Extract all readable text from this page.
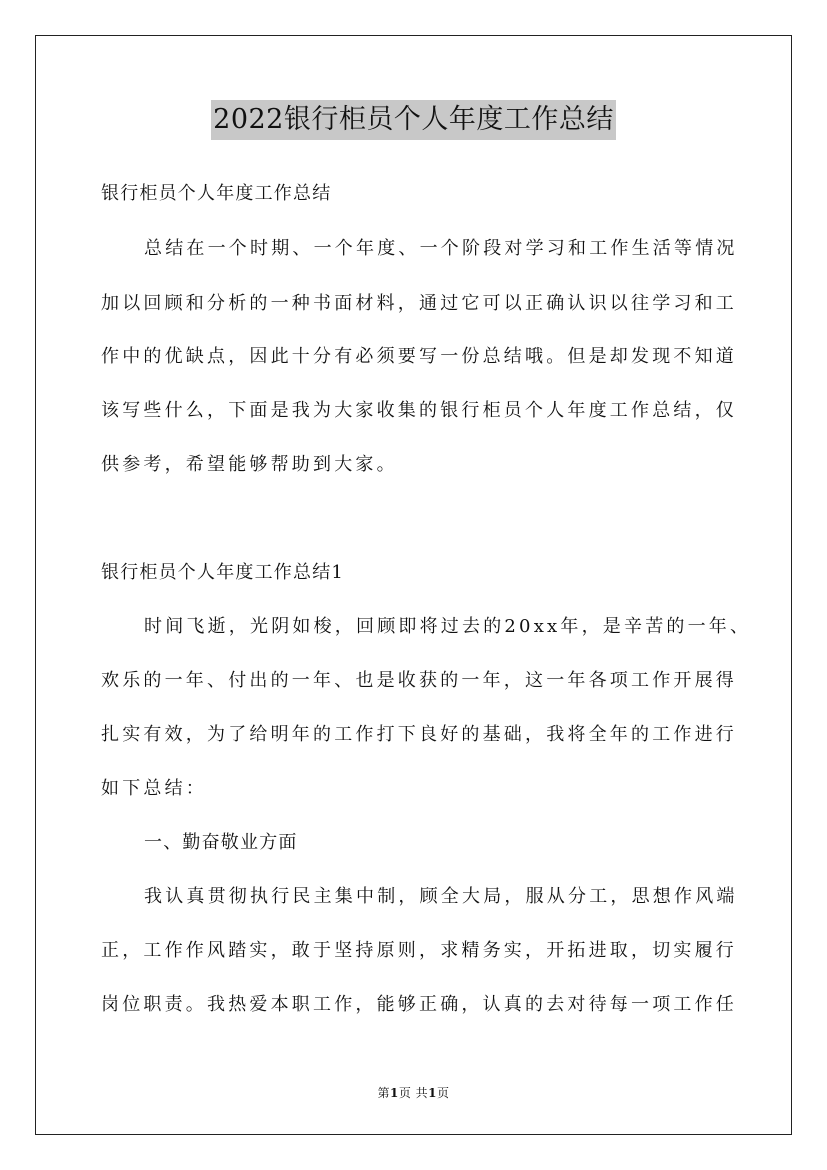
2022银行柜员个人年度工作总结
银行柜员个人年度工作总结
总结在一个时期、一个年度、一个阶段对学习和工作生活等情况
加以回顾和分析的一种书面材料，通过它可以正确认识以往学习和工
作中的优缺点，因此十分有必须要写一份总结哦。但是却发现不知道
该写些什么，下面是我为大家收集的银行柜员个人年度工作总结，仅
供参考，希望能够帮助到大家。
银行柜员个人年度工作总结1
时间飞逝，光阴如梭，回顾即将过去的20xx年，是辛苦的一年、
欢乐的一年、付出的一年、也是收获的一年，这一年各项工作开展得
扎实有效，为了给明年的工作打下良好的基础，我将全年的工作进行
如下总结：
一、勤奋敬业方面
我认真贯彻执行民主集中制，顾全大局，服从分工，思想作风端
正，工作作风踏实，敢于坚持原则，求精务实，开拓进取，切实履行
岗位职责。我热爱本职工作，能够正确，认真的去对待每一项工作任
第1页 共1页
